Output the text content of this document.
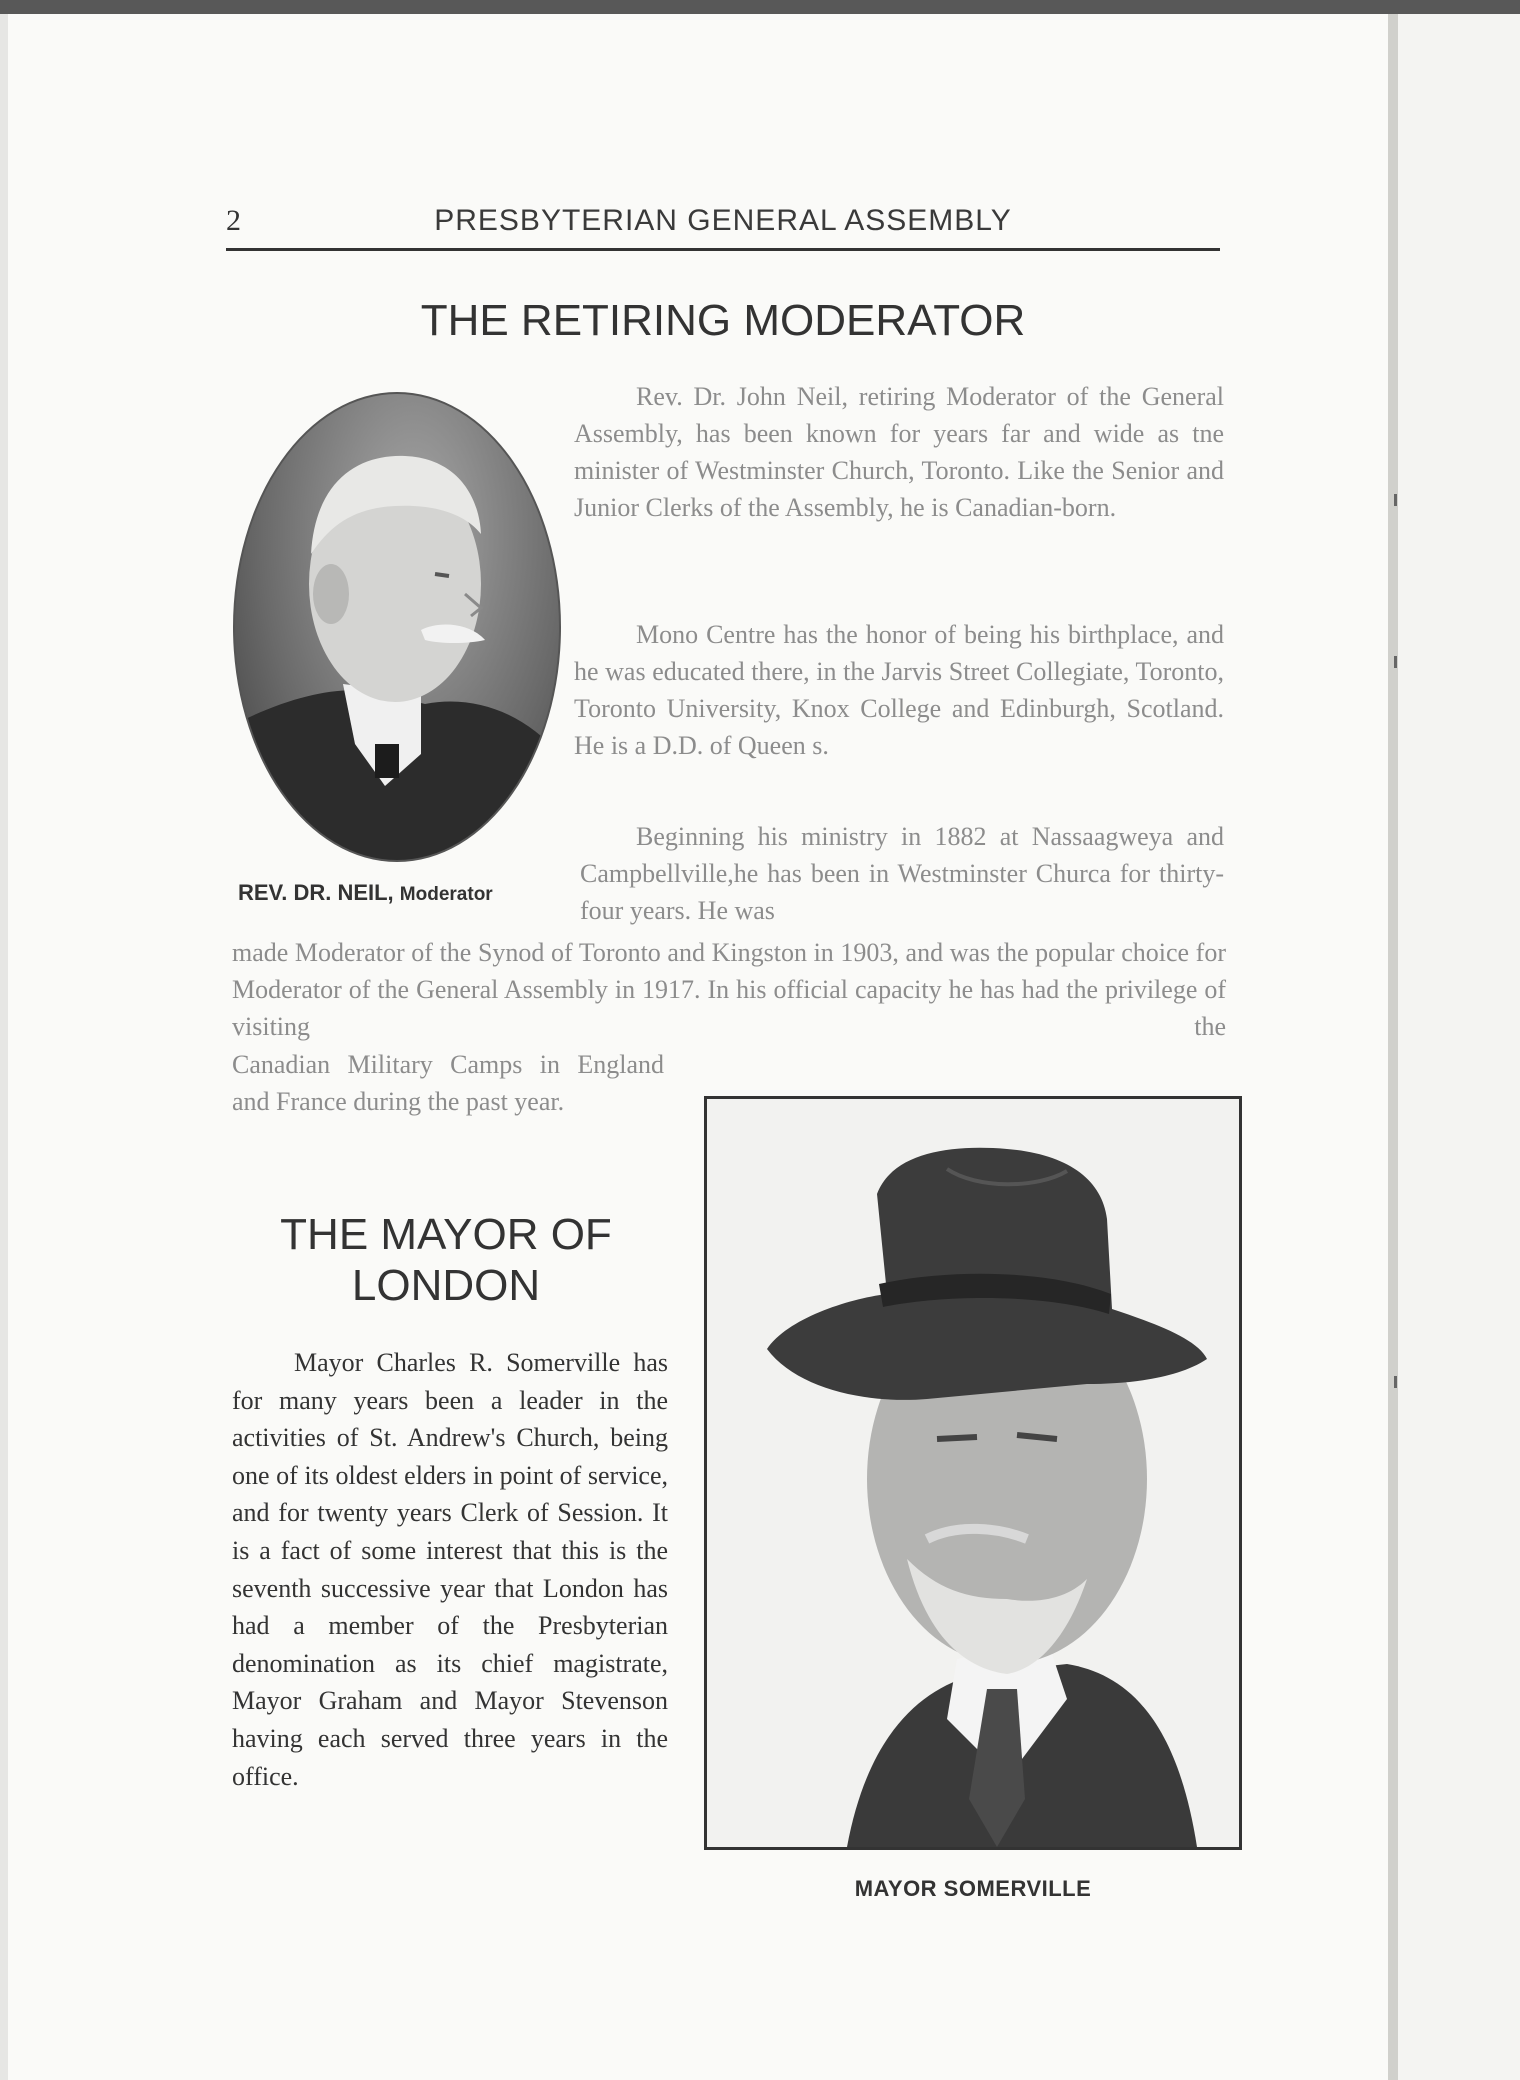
2	PRESBYTERIAN GENERAL ASSEMBLY
THE RETIRING MODERATOR

Rev. Dr. John Neil, retiring Moderator of the General Assembly, has been known for years far and wide as tne minister of Westminster Church, Toronto. Like the Senior and Junior Clerks of the Assembly, he is Canadian-born.

Mono Centre has the honor of being his birthplace, and he was educated there, in the Jarvis Street Collegiate, Toronto, Toronto University, Knox College and Edinburgh, Scotland. He is a D.D. of Queen s.

Beginning his ministry in 1882 at Nassaagweya and Campbellville,he has been in Westminster Churca for thirty-four years. He was

made Moderator of the Synod of Toronto and Kingston in 1903, and was the popular choice for Moderator of the General Assembly in 1917. In his official capacity he has had the privilege of visiting the

Canadian Military Camps in England and France during the past year.

REV. DR. NEIL, Moderator
THE MAYOR OF
LONDON

Mayor Charles R. Somerville has for many years been a leader in the activities of St. Andrew's Church, being one of its oldest elders in point of service, and for twenty years Clerk of Session. It is a fact of some interest that this is the seventh successive year that London has had a member of the Presbyterian denomination as its chief magistrate, Mayor Graham and Mayor Stevenson having each served three years in the office.

MAYOR SOMERVILLE
